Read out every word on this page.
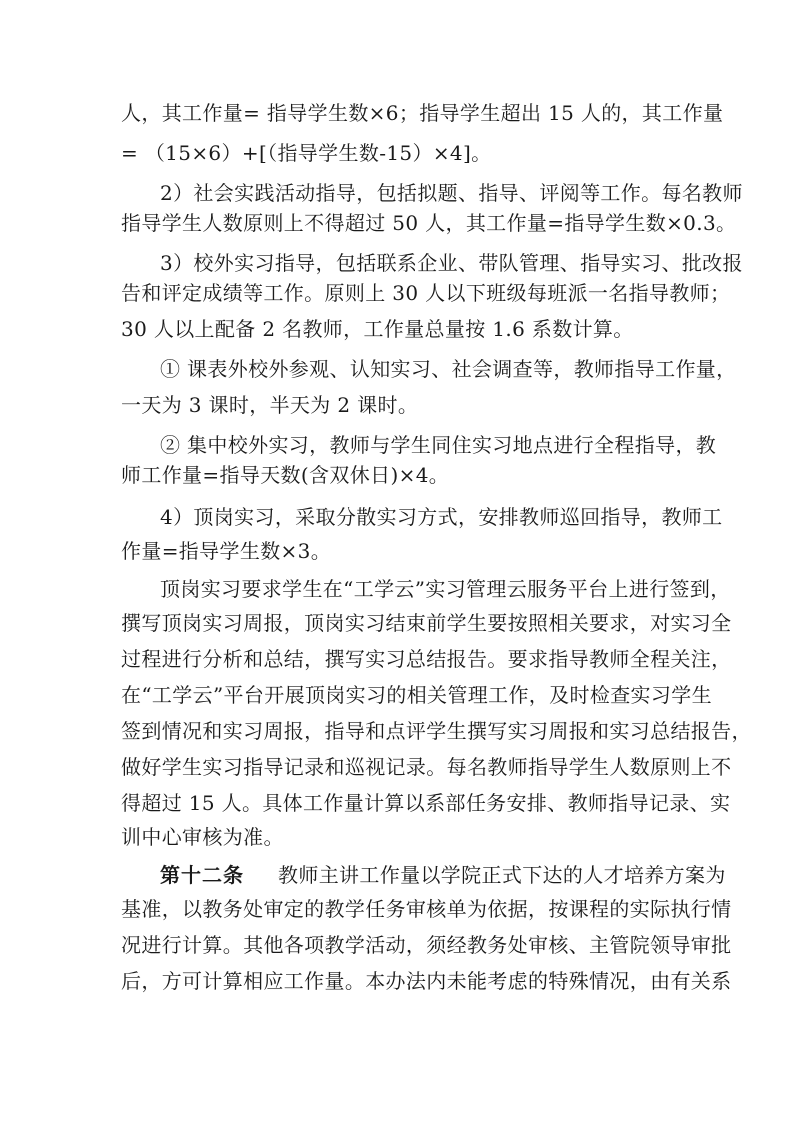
人，其工作量= 指导学生数×6；指导学生超出 15 人的，其工作量
= （15×6）+[（指导学生数-15）×4]。
2）社会实践活动指导，包括拟题、指导、评阅等工作。每名教师
指导学生人数原则上不得超过 50 人，其工作量=指导学生数×0.3。
3）校外实习指导，包括联系企业、带队管理、指导实习、批改报
告和评定成绩等工作。原则上 30 人以下班级每班派一名指导教师；
30 人以上配备 2 名教师，工作量总量按 1.6 系数计算。
① 课表外校外参观、认知实习、社会调查等，教师指导工作量，
一天为 3 课时，半天为 2 课时。
② 集中校外实习，教师与学生同住实习地点进行全程指导，教
师工作量=指导天数(含双休日)×4。
4）顶岗实习，采取分散实习方式，安排教师巡回指导，教师工
作量=指导学生数×3。
顶岗实习要求学生在“工学云”实习管理云服务平台上进行签到，
撰写顶岗实习周报，顶岗实习结束前学生要按照相关要求，对实习全
过程进行分析和总结，撰写实习总结报告。要求指导教师全程关注，
在“工学云”平台开展顶岗实习的相关管理工作，及时检查实习学生
签到情况和实习周报，指导和点评学生撰写实习周报和实习总结报告，
做好学生实习指导记录和巡视记录。每名教师指导学生人数原则上不
得超过 15 人。具体工作量计算以系部任务安排、教师指导记录、实
训中心审核为准。
第十二条 教师主讲工作量以学院正式下达的人才培养方案为
基准，以教务处审定的教学任务审核单为依据，按课程的实际执行情
况进行计算。其他各项教学活动，须经教务处审核、主管院领导审批
后，方可计算相应工作量。本办法内未能考虑的特殊情况，由有关系
